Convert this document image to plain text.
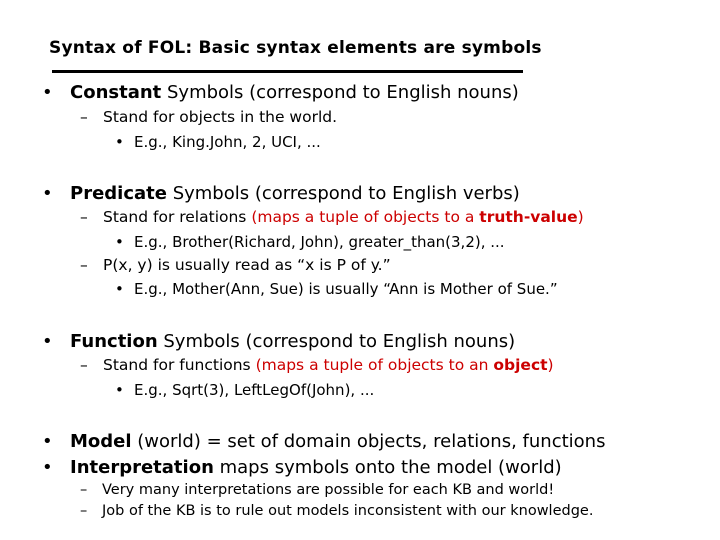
Syntax of FOL: Basic syntax elements are symbols
• Constant Symbols (correspond to English nouns)
– Stand for objects in the world.
• E.g., King.John, 2, UCI, ...
• Predicate Symbols (correspond to English verbs)
– Stand for relations (maps a tuple of objects to a truth-value)
• E.g., Brother(Richard, John), greater_than(3,2), ...
– P(x, y) is usually read as “x is P of y.”
• E.g., Mother(Ann, Sue) is usually “Ann is Mother of Sue.”
• Function Symbols (correspond to English nouns)
– Stand for functions (maps a tuple of objects to an object)
• E.g., Sqrt(3), LeftLegOf(John), ...
• Model (world) = set of domain objects, relations, functions
• Interpretation maps symbols onto the model (world)
– Very many interpretations are possible for each KB and world!
– Job of the KB is to rule out models inconsistent with our knowledge.
